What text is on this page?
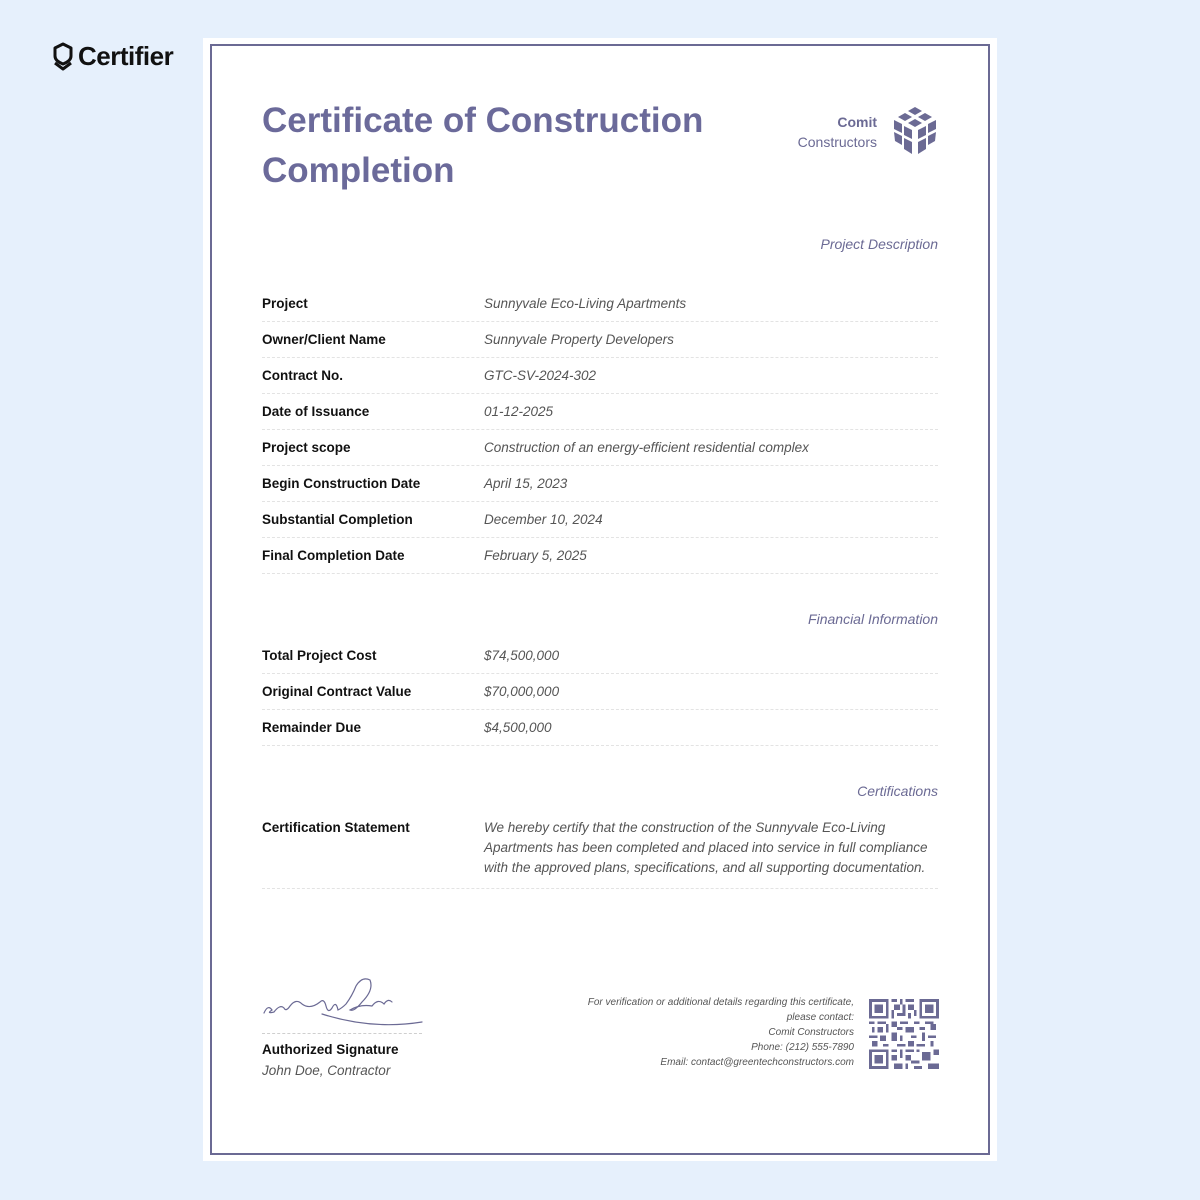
Certifier
Certificate of Construction Completion
Comit
Constructors
Project Description
Project	Sunnyvale Eco-Living Apartments
Owner/Client Name	Sunnyvale Property Developers
Contract No.	GTC-SV-2024-302
Date of Issuance	01-12-2025
Project scope	Construction of an energy-efficient residential complex
Begin Construction Date	April 15, 2023
Substantial Completion	December 10, 2024
Final Completion Date	February 5, 2025
Financial Information
Total Project Cost	$74,500,000
Original Contract Value	$70,000,000
Remainder Due	$4,500,000
Certifications
Certification Statement	We hereby certify that the construction of the Sunnyvale Eco-Living Apartments has been completed and placed into service in full compliance with the approved plans, specifications, and all supporting documentation.
Authorized Signature
John Doe, Contractor
For verification or additional details regarding this certificate,
please contact:
Comit Constructors
Phone: (212) 555-7890
Email: contact@greentechconstructors.com
